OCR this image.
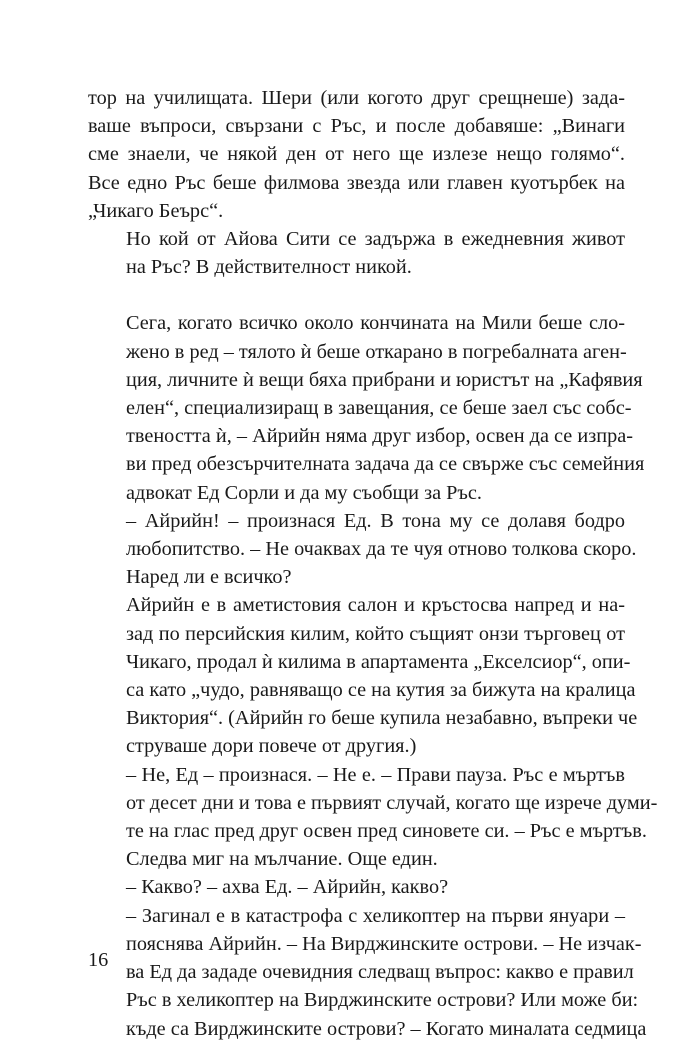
тор на училищата. Шери (или когото друг срещнеше) зада-
ваше въпроси, свързани с Ръс, и после добавяше: „Винаги
сме знаели, че някой ден от него ще излезе нещо голямо“.
Все едно Ръс беше филмова звезда или главен куотърбек на
„Чикаго Беърс“.

Но кой от Айова Сити се задържа в ежедневния живот
на Ръс? В действителност никой.

Сега, когато всичко около кончината на Мили беше сло-
жено в ред – тялото ѝ беше откарано в погребалната аген-
ция, личните ѝ вещи бяха прибрани и юристът на „Кафявия
елен“, специализиращ в завещания, се беше заел със собс-
твеността ѝ, – Айрийн няма друг избор, освен да се изпра-
ви пред обезсърчителната задача да се свърже със семейния
адвокат Ед Сорли и да му съобщи за Ръс.

– Айрийн! – произнася Ед. В тона му се долавя бодро
любопитство. – Не очаквах да те чуя отново толкова скоро.
Наред ли е всичко?

Айрийн е в аметистовия салон и кръстосва напред и на-
зад по персийския килим, който същият онзи търговец от
Чикаго, продал ѝ килима в апартамента „Екселсиор“, опи-
са като „чудо, равняващо се на кутия за бижута на кралица
Виктория“. (Айрийн го беше купила незабавно, въпреки че
струваше дори повече от другия.)

– Не, Ед – произнася. – Не е. – Прави пауза. Ръс е мъртъв
от десет дни и това е първият случай, когато ще изрече думи-
те на глас пред друг освен пред синовете си. – Ръс е мъртъв.

Следва миг на мълчание. Още един.

– Какво? – ахва Ед. – Айрийн, какво?

– Загинал е в катастрофа с хеликоптер на първи януари –
пояснява Айрийн. – На Вирджинските острови. – Не изчак-
ва Ед да зададе очевидния следващ въпрос: какво е правил
Ръс в хеликоптер на Вирджинските острови? Или може би:
къде са Вирджинските острови? – Когато миналата седмица

16
